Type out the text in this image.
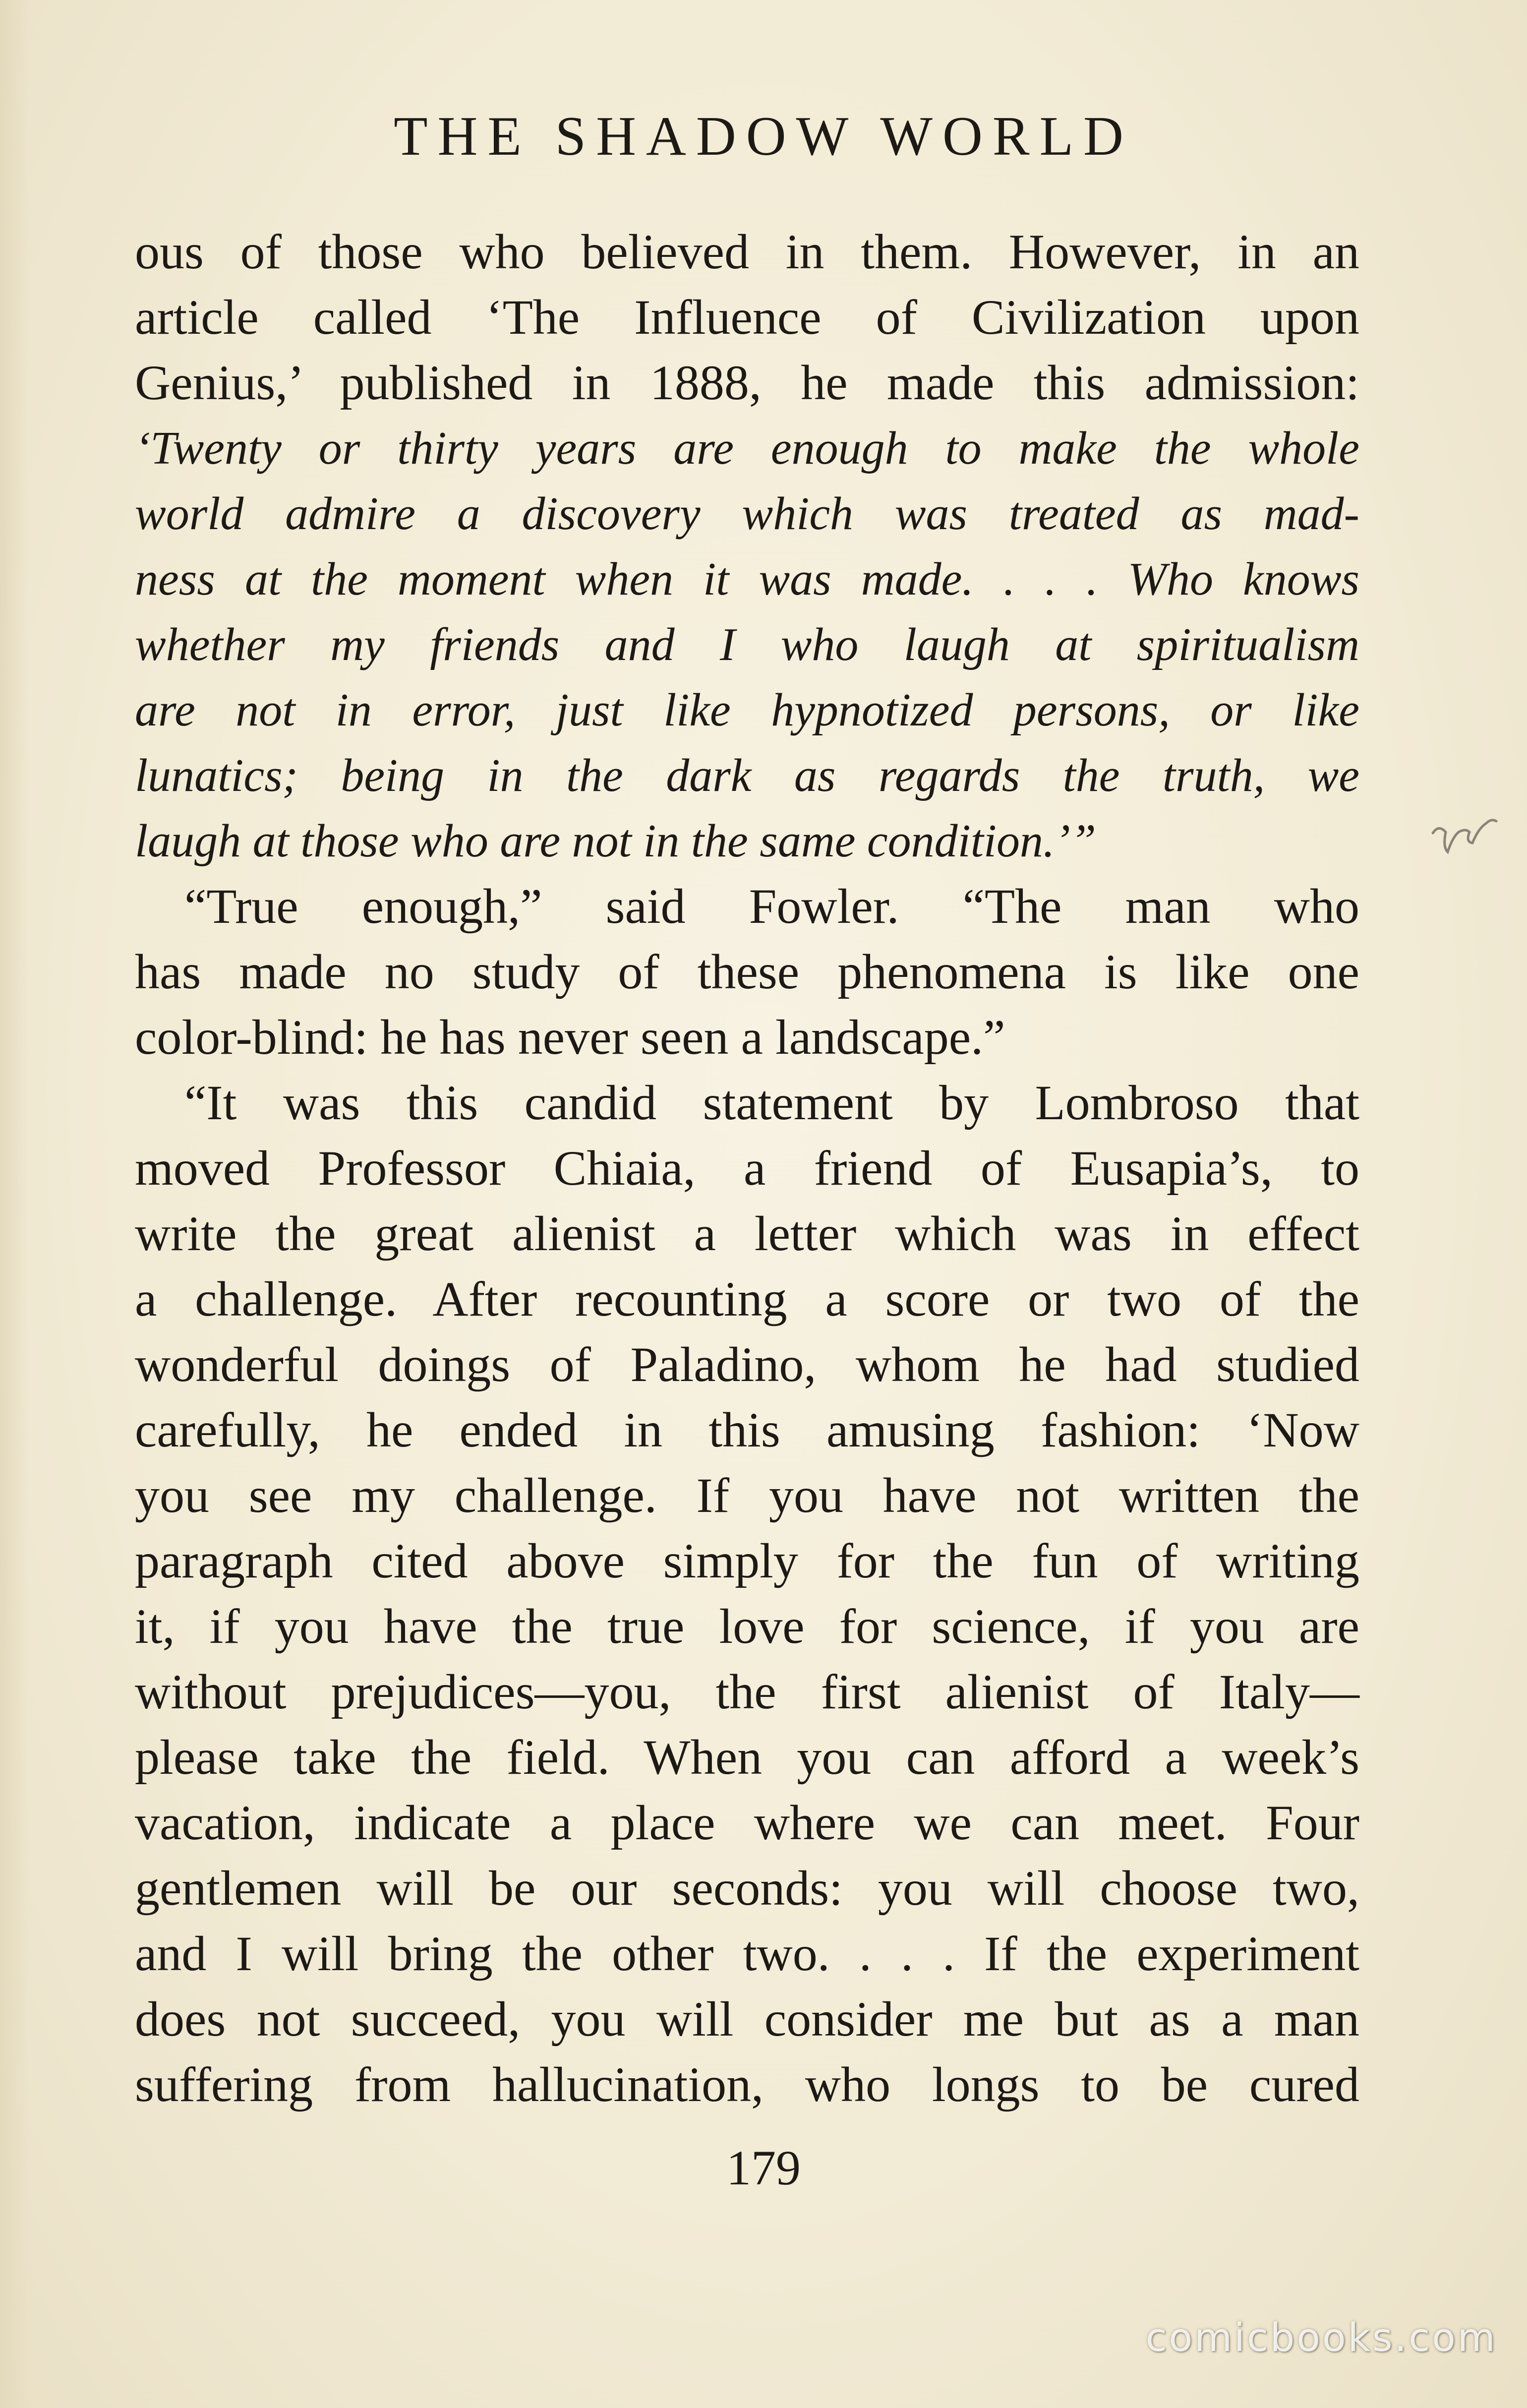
THE SHADOW WORLD
ous of those who believed in them. However, in an
article called ‘The Influence of Civilization upon
Genius,’ published in 1888, he made this admission:
‘Twenty or thirty years are enough to make the whole
world admire a discovery which was treated as mad-
ness at the moment when it was made. . . . Who knows
whether my friends and I who laugh at spiritualism
are not in error, just like hypnotized persons, or like
lunatics; being in the dark as regards the truth, we
laugh at those who are not in the same condition.’”
“True enough,” said Fowler. “The man who
has made no study of these phenomena is like one
color-blind: he has never seen a landscape.”
“It was this candid statement by Lombroso that
moved Professor Chiaia, a friend of Eusapia’s, to
write the great alienist a letter which was in effect
a challenge. After recounting a score or two of the
wonderful doings of Paladino, whom he had studied
carefully, he ended in this amusing fashion: ‘Now
you see my challenge. If you have not written the
paragraph cited above simply for the fun of writing
it, if you have the true love for science, if you are
without prejudices—you, the first alienist of Italy—
please take the field. When you can afford a week’s
vacation, indicate a place where we can meet. Four
gentlemen will be our seconds: you will choose two,
and I will bring the other two. . . . If the experiment
does not succeed, you will consider me but as a man
suffering from hallucination, who longs to be cured
179
comicbooks.com
